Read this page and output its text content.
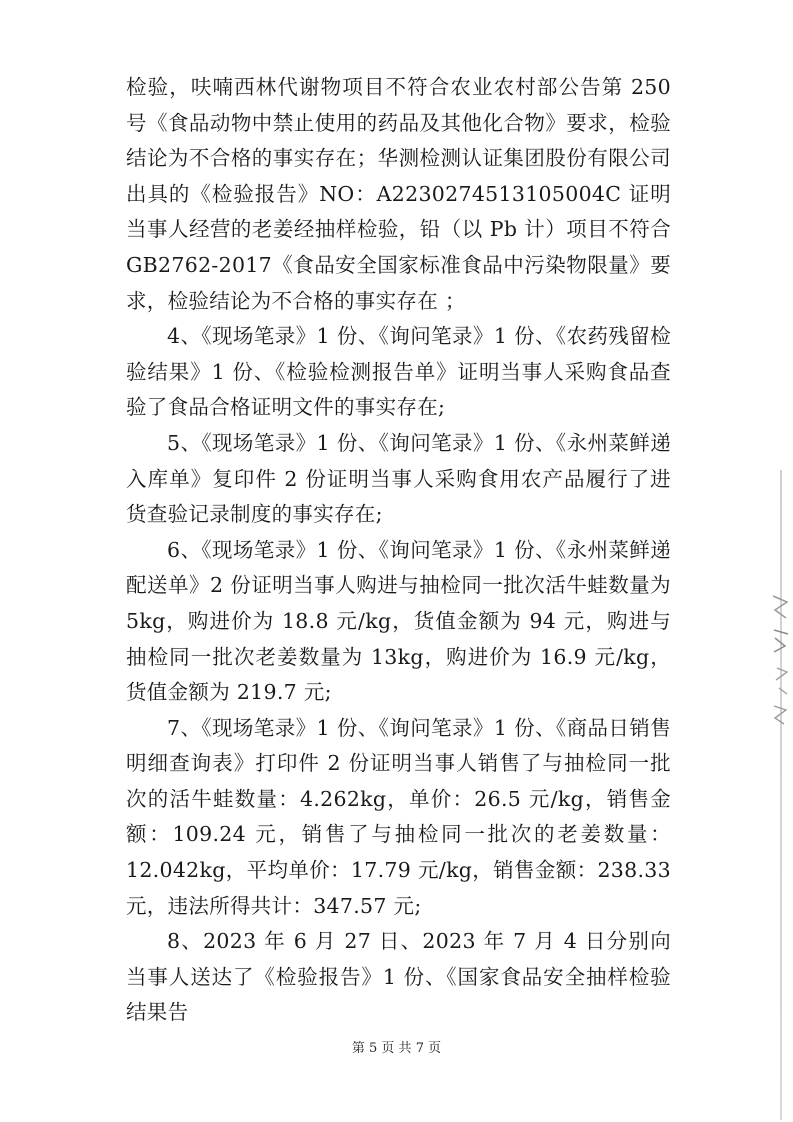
检验，呋喃西林代谢物项目不符合农业农村部公告第 250 号《食品动物中禁止使用的药品及其他化合物》要求，检验结论为不合格的事实存在；华测检测认证集团股份有限公司出具的《检验报告》NO：A2230274513105004C 证明当事人经营的老姜经抽样检验，铅（以 Pb 计）项目不符合 GB2762-2017《食品安全国家标准食品中污染物限量》要求，检验结论为不合格的事实存在 ；

4、《现场笔录》1 份、《询问笔录》1 份、《农药残留检验结果》1 份、《检验检测报告单》证明当事人采购食品查验了食品合格证明文件的事实存在;

5、《现场笔录》1 份、《询问笔录》1 份、《永州菜鲜递入库单》复印件 2 份证明当事人采购食用农产品履行了进货查验记录制度的事实存在;

6、《现场笔录》1 份、《询问笔录》1 份、《永州菜鲜递配送单》2 份证明当事人购进与抽检同一批次活牛蛙数量为 5kg，购进价为 18.8 元/kg，货值金额为 94 元，购进与抽检同一批次老姜数量为 13kg，购进价为 16.9 元/kg，货值金额为 219.7 元;

7、《现场笔录》1 份、《询问笔录》1 份、《商品日销售明细查询表》打印件 2 份证明当事人销售了与抽检同一批次的活牛蛙数量：4.262kg，单价：26.5 元/kg，销售金额：109.24 元，销售了与抽检同一批次的老姜数量：12.042kg，平均单价：17.79 元/kg，销售金额：238.33 元，违法所得共计：347.57 元;

8、2023 年 6 月 27 日、2023 年 7 月 4 日分别向当事人送达了《检验报告》1 份、《国家食品安全抽样检验结果告

第 5 页 共 7 页
